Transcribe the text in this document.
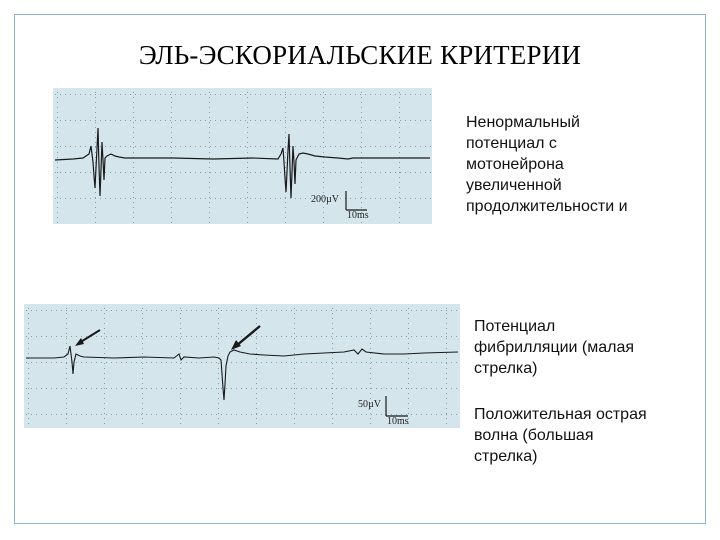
ЭЛЬ-ЭСКОРИАЛЬСКИЕ КРИТЕРИИ
200µV
10ms
50µV
10ms
Ненормальный
потенциал с
мотонейрона
увеличенной
продолжительности и
Потенциал
фибрилляции (малая
стрелка)
Положительная острая
волна (большая
стрелка)
